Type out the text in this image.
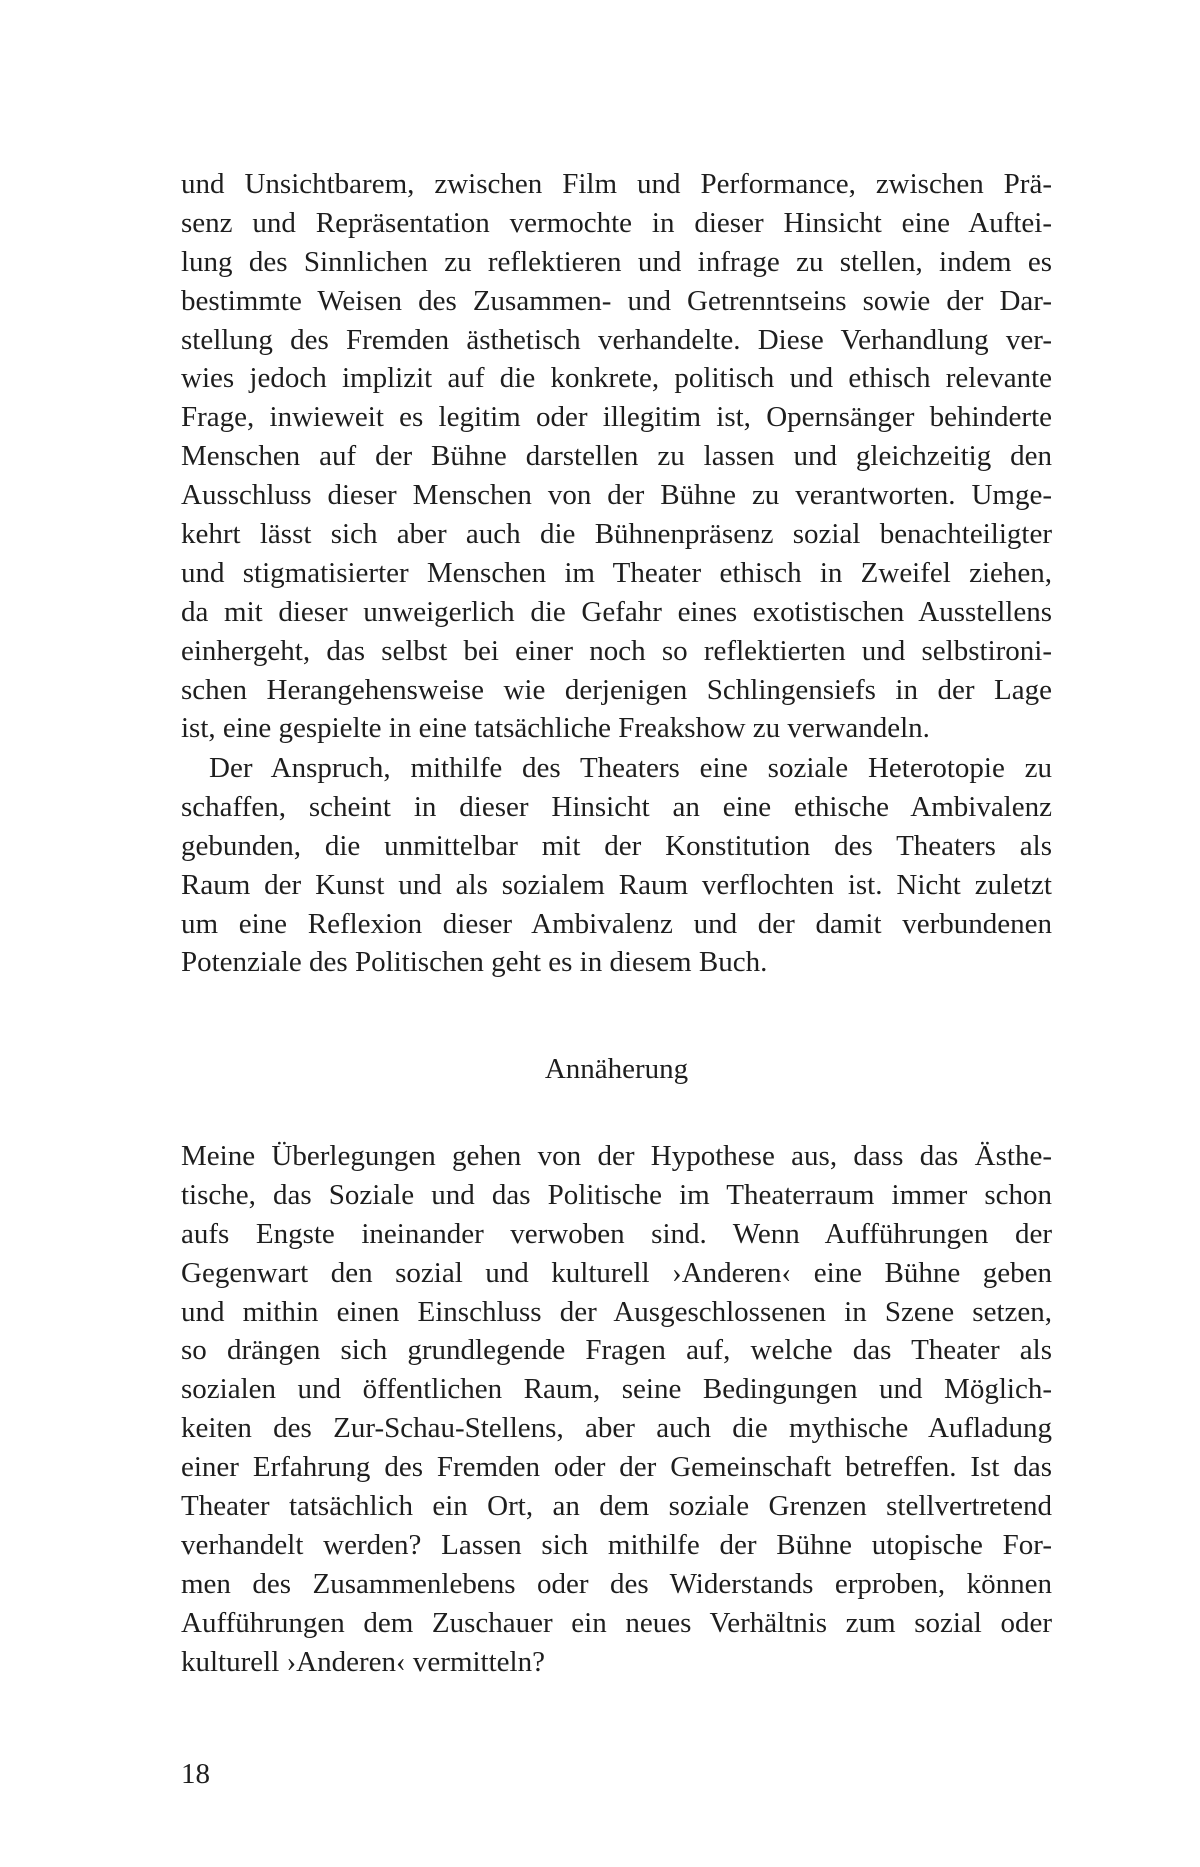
und Unsichtbarem, zwischen Film und Performance, zwischen Prä-
senz und Repräsentation vermochte in dieser Hinsicht eine Auftei-
lung des Sinnlichen zu reflektieren und infrage zu stellen, indem es
bestimmte Weisen des Zusammen- und Getrenntseins sowie der Dar-
stellung des Fremden ästhetisch verhandelte. Diese Verhandlung ver-
wies jedoch implizit auf die konkrete, politisch und ethisch relevante
Frage, inwieweit es legitim oder illegitim ist, Opernsänger behinderte
Menschen auf der Bühne darstellen zu lassen und gleichzeitig den
Ausschluss dieser Menschen von der Bühne zu verantworten. Umge-
kehrt lässt sich aber auch die Bühnenpräsenz sozial benachteiligter
und stigmatisierter Menschen im Theater ethisch in Zweifel ziehen,
da mit dieser unweigerlich die Gefahr eines exotistischen Ausstellens
einhergeht, das selbst bei einer noch so reflektierten und selbstironi-
schen Herangehensweise wie derjenigen Schlingensiefs in der Lage
ist, eine gespielte in eine tatsächliche Freakshow zu verwandeln.
Der Anspruch, mithilfe des Theaters eine soziale Heterotopie zu
schaffen, scheint in dieser Hinsicht an eine ethische Ambivalenz
gebunden, die unmittelbar mit der Konstitution des Theaters als
Raum der Kunst und als sozialem Raum verflochten ist. Nicht zuletzt
um eine Reflexion dieser Ambivalenz und der damit verbundenen
Potenziale des Politischen geht es in diesem Buch.
Annäherung
Meine Überlegungen gehen von der Hypothese aus, dass das Ästhe-
tische, das Soziale und das Politische im Theaterraum immer schon
aufs Engste ineinander verwoben sind. Wenn Aufführungen der
Gegenwart den sozial und kulturell ›Anderen‹ eine Bühne geben
und mithin einen Einschluss der Ausgeschlossenen in Szene setzen,
so drängen sich grundlegende Fragen auf, welche das Theater als
sozialen und öffentlichen Raum, seine Bedingungen und Möglich-
keiten des Zur-Schau-Stellens, aber auch die mythische Aufladung
einer Erfahrung des Fremden oder der Gemeinschaft betreffen. Ist das
Theater tatsächlich ein Ort, an dem soziale Grenzen stellvertretend
verhandelt werden? Lassen sich mithilfe der Bühne utopische For-
men des Zusammenlebens oder des Widerstands erproben, können
Aufführungen dem Zuschauer ein neues Verhältnis zum sozial oder
kulturell ›Anderen‹ vermitteln?
18
